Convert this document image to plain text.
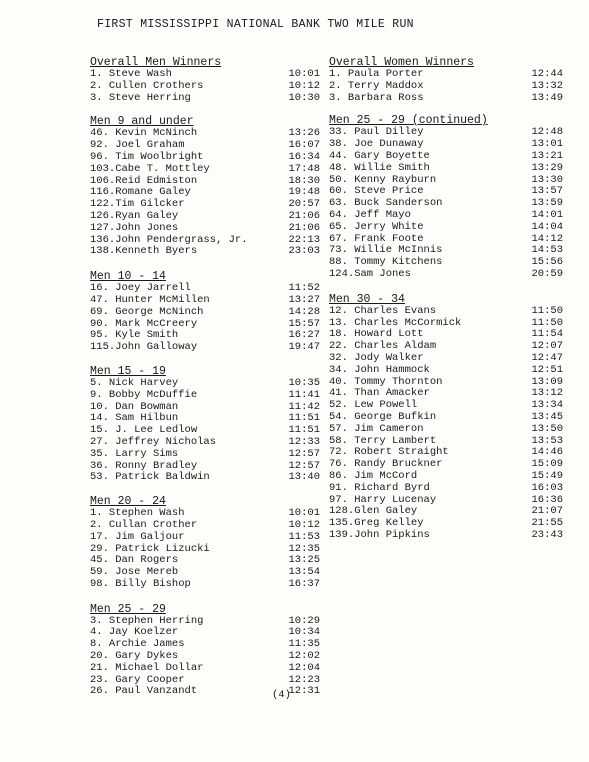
FIRST MISSISSIPPI NATIONAL BANK TWO MILE RUN
Overall Men Winners
1. Steve Wash	10:01
2. Cullen Crothers	10:12
3. Steve Herring	10:30
Men 9 and under
46. Kevin McNinch	13:26
92. Joel Graham	16:07
96. Tim Woolbright	16:34
103.Cabe T. Mottley	17:48
106.Reid Edmiston	18:30
116.Romane Galey	19:48
122.Tim Gilcker	20:57
126.Ryan Galey	21:06
127.John Jones	21:06
136.John Pendergrass, Jr.	22:13
138.Kenneth Byers	23:03
Men 10 - 14
16. Joey Jarrell	11:52
47. Hunter McMillen	13:27
69. George McNinch	14:28
90. Mark McCreery	15:57
95. Kyle Smith	16:27
115.John Galloway	19:47
Men 15 - 19
5. Nick Harvey	10:35
9. Bobby McDuffie	11:41
10. Dan Bowman	11:42
14. Sam Hilbun	11:51
15. J. Lee Ledlow	11:51
27. Jeffrey Nicholas	12:33
35. Larry Sims	12:57
36. Ronny Bradley	12:57
53. Patrick Baldwin	13:40
Men 20 - 24
1. Stephen Wash	10:01
2. Cullan Crother	10:12
17. Jim Galjour	11:53
29. Patrick Lizucki	12:35
45. Dan Rogers	13:25
59. Jose Mereb	13:54
98. Billy Bishop	16:37
Men 25 - 29
3. Stephen Herring	10:29
4. Jay Koelzer	10:34
8. Archie James	11:35
20. Gary Dykes	12:02
21. Michael Dollar	12:04
23. Gary Cooper	12:23
26. Paul Vanzandt	12:31
Overall Women Winners
1. Paula Porter	12:44
2. Terry Maddox	13:32
3. Barbara Ross	13:49
Men 25 - 29 (continued)
33. Paul Dilley	12:48
38. Joe Dunaway	13:01
44. Gary Boyette	13:21
48. Willie Smith	13:29
50. Kenny Rayburn	13:30
60. Steve Price	13:57
63. Buck Sanderson	13:59
64. Jeff Mayo	14:01
65. Jerry White	14:04
67. Frank Foote	14:12
73. Willie McInnis	14:53
88. Tommy Kitchens	15:56
124.Sam Jones	20:59
Men 30 - 34
12. Charles Evans	11:50
13. Charles McCormick	11:50
18. Howard Lott	11:54
22. Charles Aldam	12:07
32. Jody Walker	12:47
34. John Hammock	12:51
40. Tommy Thornton	13:09
41. Than Amacker	13:12
52. Lew Powell	13:34
54. George Bufkin	13:45
57. Jim Cameron	13:50
58. Terry Lambert	13:53
72. Robert Straight	14:46
76. Randy Bruckner	15:09
86. Jim McCord	15:49
91. Richard Byrd	16:03
97. Harry Lucenay	16:36
128.Glen Galey	21:07
135.Greg Kelley	21:55
139.John Pipkins	23:43
(4)
